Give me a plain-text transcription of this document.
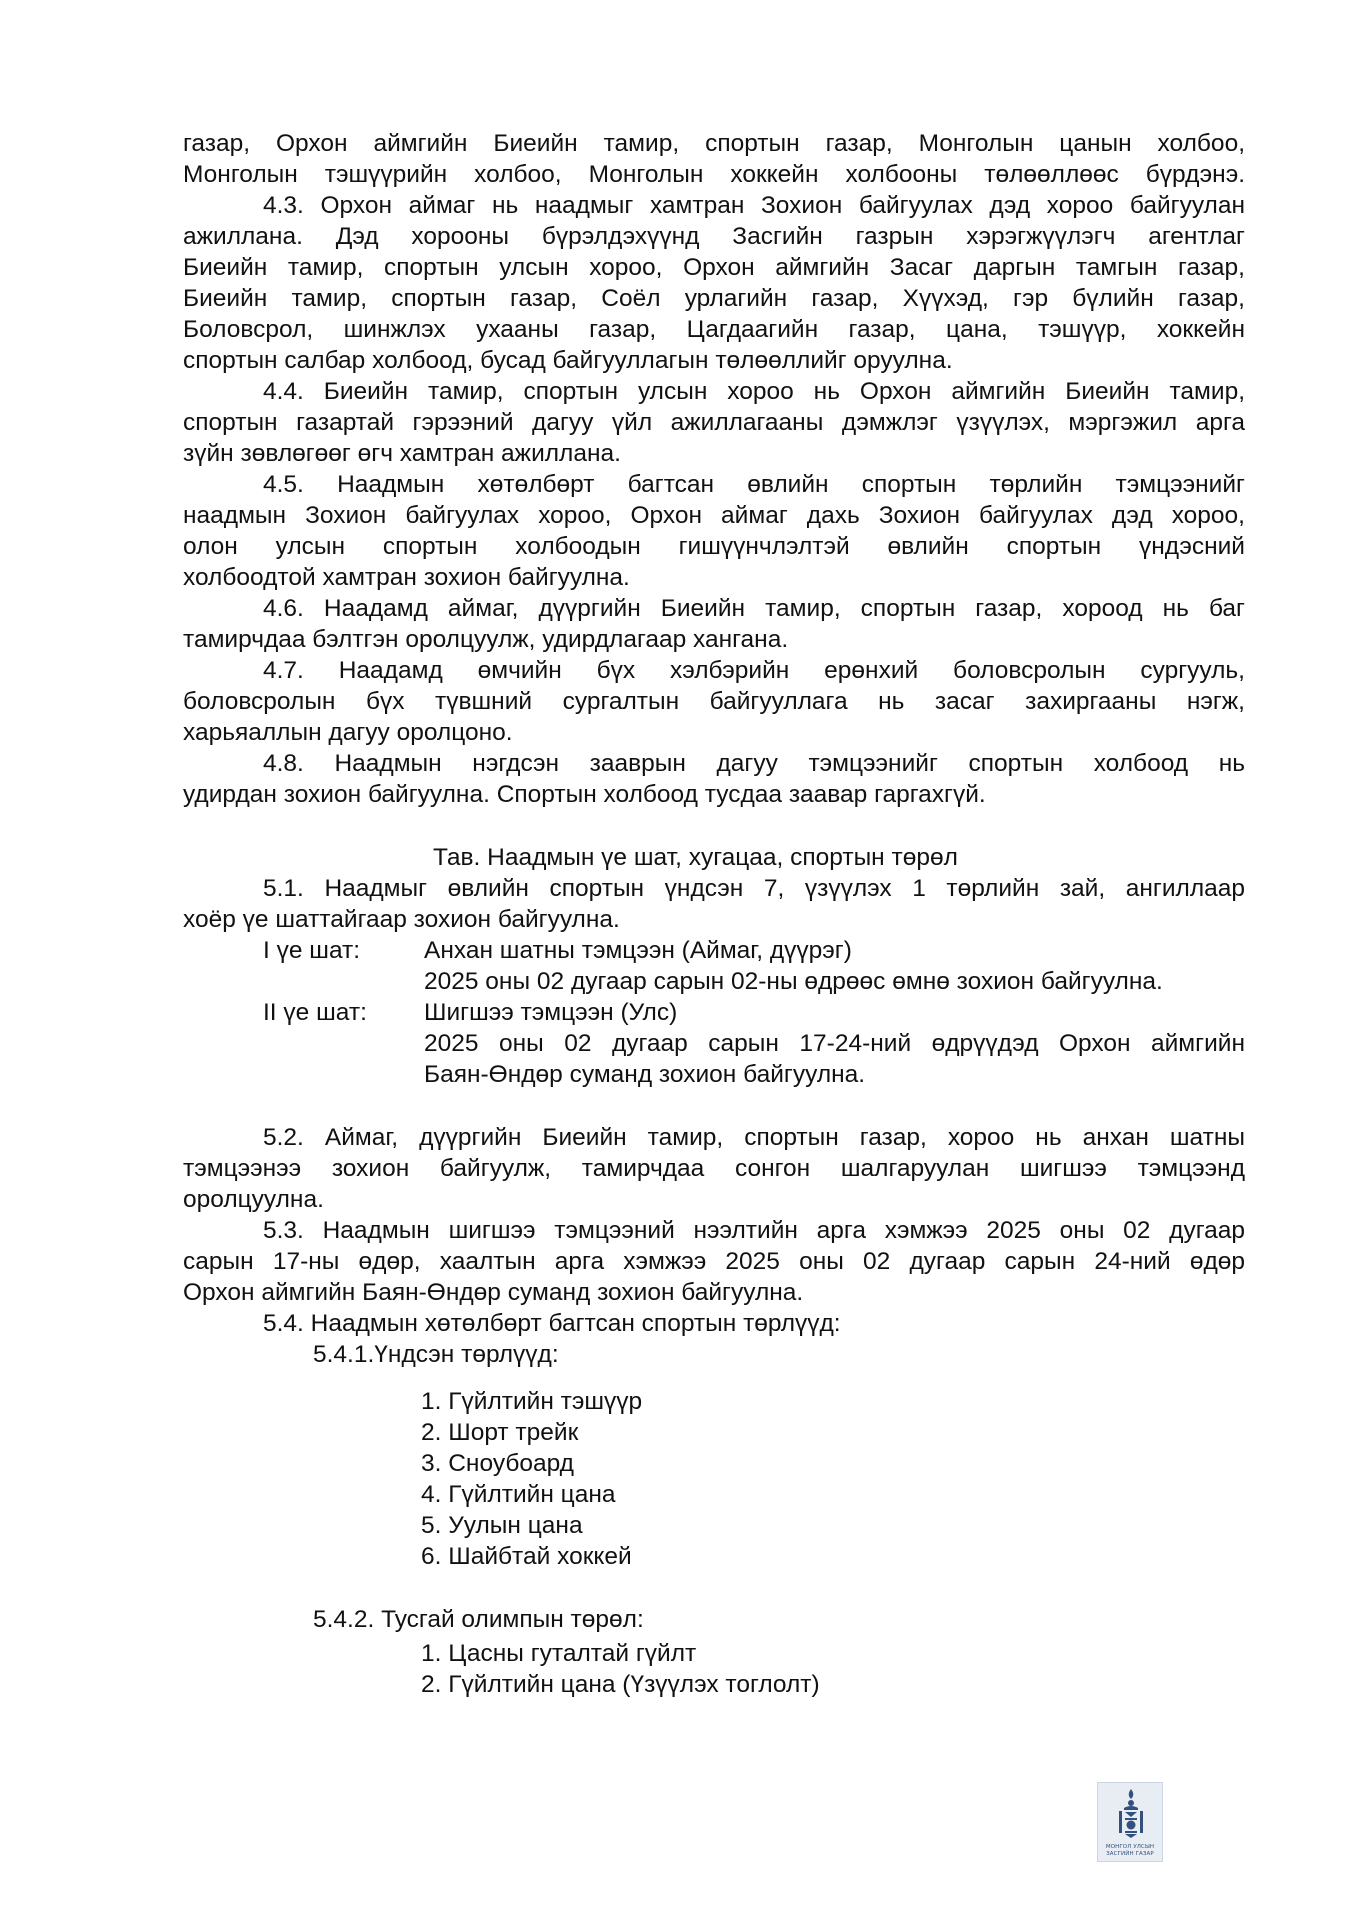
газар, Орхон аймгийн Биеийн тамир, спортын газар, Монголын цанын холбоо,
Монголын тэшүүрийн холбоо, Монголын хоккейн холбооны төлөөллөөс бүрдэнэ.
4.3. Орхон аймаг нь наадмыг хамтран Зохион байгуулах дэд хороо байгуулан
ажиллана. Дэд хорооны бүрэлдэхүүнд Засгийн газрын хэрэгжүүлэгч агентлаг
Биеийн тамир, спортын улсын хороо, Орхон аймгийн Засаг даргын тамгын газар,
Биеийн тамир, спортын газар, Соёл урлагийн газар, Хүүхэд, гэр бүлийн газар,
Боловсрол, шинжлэх ухааны газар, Цагдаагийн газар, цана, тэшүүр, хоккейн
спортын салбар холбоод, бусад байгууллагын төлөөллийг оруулна.
4.4. Биеийн тамир, спортын улсын хороо нь Орхон аймгийн Биеийн тамир,
спортын газартай гэрээний дагуу үйл ажиллагааны дэмжлэг үзүүлэх, мэргэжил арга
зүйн зөвлөгөөг өгч хамтран ажиллана.
4.5. Наадмын хөтөлбөрт багтсан өвлийн спортын төрлийн тэмцээнийг
наадмын Зохион байгуулах хороо, Орхон аймаг дахь Зохион байгуулах дэд хороо,
олон улсын спортын холбоодын гишүүнчлэлтэй өвлийн спортын үндэсний
холбоодтой хамтран зохион байгуулна.
4.6. Наадамд аймаг, дүүргийн Биеийн тамир, спортын газар, хороод нь баг
тамирчдаа бэлтгэн оролцуулж, удирдлагаар хангана.
4.7. Наадамд өмчийн бүх хэлбэрийн ерөнхий боловсролын сургууль,
боловсролын бүх түвшний сургалтын байгууллага нь засаг захиргааны нэгж,
харьяаллын дагуу оролцоно.
4.8. Наадмын нэгдсэн зааврын дагуу тэмцээнийг спортын холбоод нь
удирдан зохион байгуулна. Спортын холбоод тусдаа заавар гаргахгүй.
Тав. Наадмын үе шат, хугацаа, спортын төрөл
5.1. Наадмыг өвлийн спортын үндсэн 7, үзүүлэх 1 төрлийн зай, ангиллаар
хоёр үе шаттайгаар зохион байгуулна.
I үе шат:	Анхан шатны тэмцээн (Аймаг, дүүрэг)
2025 оны 02 дугаар сарын 02-ны өдрөөс өмнө зохион байгуулна.
II үе шат:	Шигшээ тэмцээн (Улс)
2025 оны 02 дугаар сарын 17-24-ний өдрүүдэд Орхон аймгийн
Баян-Өндөр суманд зохион байгуулна.
5.2. Аймаг, дүүргийн Биеийн тамир, спортын газар, хороо нь анхан шатны
тэмцээнээ зохион байгуулж, тамирчдаа сонгон шалгаруулан шигшээ тэмцээнд
оролцуулна.
5.3. Наадмын шигшээ тэмцээний нээлтийн арга хэмжээ 2025 оны 02 дугаар
сарын 17-ны өдөр, хаалтын арга хэмжээ 2025 оны 02 дугаар сарын 24-ний өдөр
Орхон аймгийн Баян-Өндөр суманд зохион байгуулна.
5.4. Наадмын хөтөлбөрт багтсан спортын төрлүүд:
5.4.1.Үндсэн төрлүүд:
1. Гүйлтийн тэшүүр
2. Шорт трейк
3. Сноубоард
4. Гүйлтийн цана
5. Уулын цана
6. Шайбтай хоккей
5.4.2. Тусгай олимпын төрөл:
1. Цасны гуталтай гүйлт
2. Гүйлтийн цана (Үзүүлэх тоглолт)
МОНГОЛ УЛСЫН
ЗАСГИЙН ГАЗАР
